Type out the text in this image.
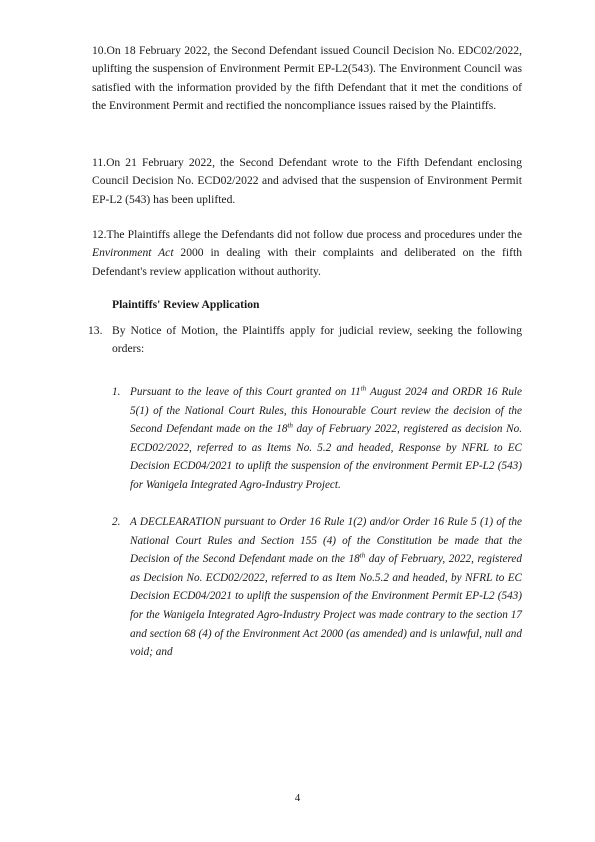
10.On 18 February 2022, the Second Defendant issued Council Decision No. EDC02/2022, uplifting the suspension of Environment Permit EP-L2(543). The Environment Council was satisfied with the information provided by the fifth Defendant that it met the conditions of the Environment Permit and rectified the noncompliance issues raised by the Plaintiffs.
11.On 21 February 2022, the Second Defendant wrote to the Fifth Defendant enclosing Council Decision No. ECD02/2022 and advised that the suspension of Environment Permit EP-L2 (543) has been uplifted.
12.The Plaintiffs allege the Defendants did not follow due process and procedures under the Environment Act 2000 in dealing with their complaints and deliberated on the fifth Defendant's review application without authority.
Plaintiffs' Review Application
13. By Notice of Motion, the Plaintiffs apply for judicial review, seeking the following orders:
1. Pursuant to the leave of this Court granted on 11th August 2024 and ORDR 16 Rule 5(1) of the National Court Rules, this Honourable Court review the decision of the Second Defendant made on the 18th day of February 2022, registered as decision No. ECD02/2022, referred to as Items No. 5.2 and headed, Response by NFRL to EC Decision ECD04/2021 to uplift the suspension of the environment Permit EP-L2 (543) for Wanigela Integrated Agro-Industry Project.
2. A DECLEARATION pursuant to Order 16 Rule 1(2) and/or Order 16 Rule 5 (1) of the National Court Rules and Section 155 (4) of the Constitution be made that the Decision of the Second Defendant made on the 18th day of February, 2022, registered as Decision No. ECD02/2022, referred to as Item No.5.2 and headed, by NFRL to EC Decision ECD04/2021 to uplift the suspension of the Environment Permit EP-L2 (543) for the Wanigela Integrated Agro-Industry Project was made contrary to the section 17 and section 68 (4) of the Environment Act 2000 (as amended) and is unlawful, null and void; and
4
